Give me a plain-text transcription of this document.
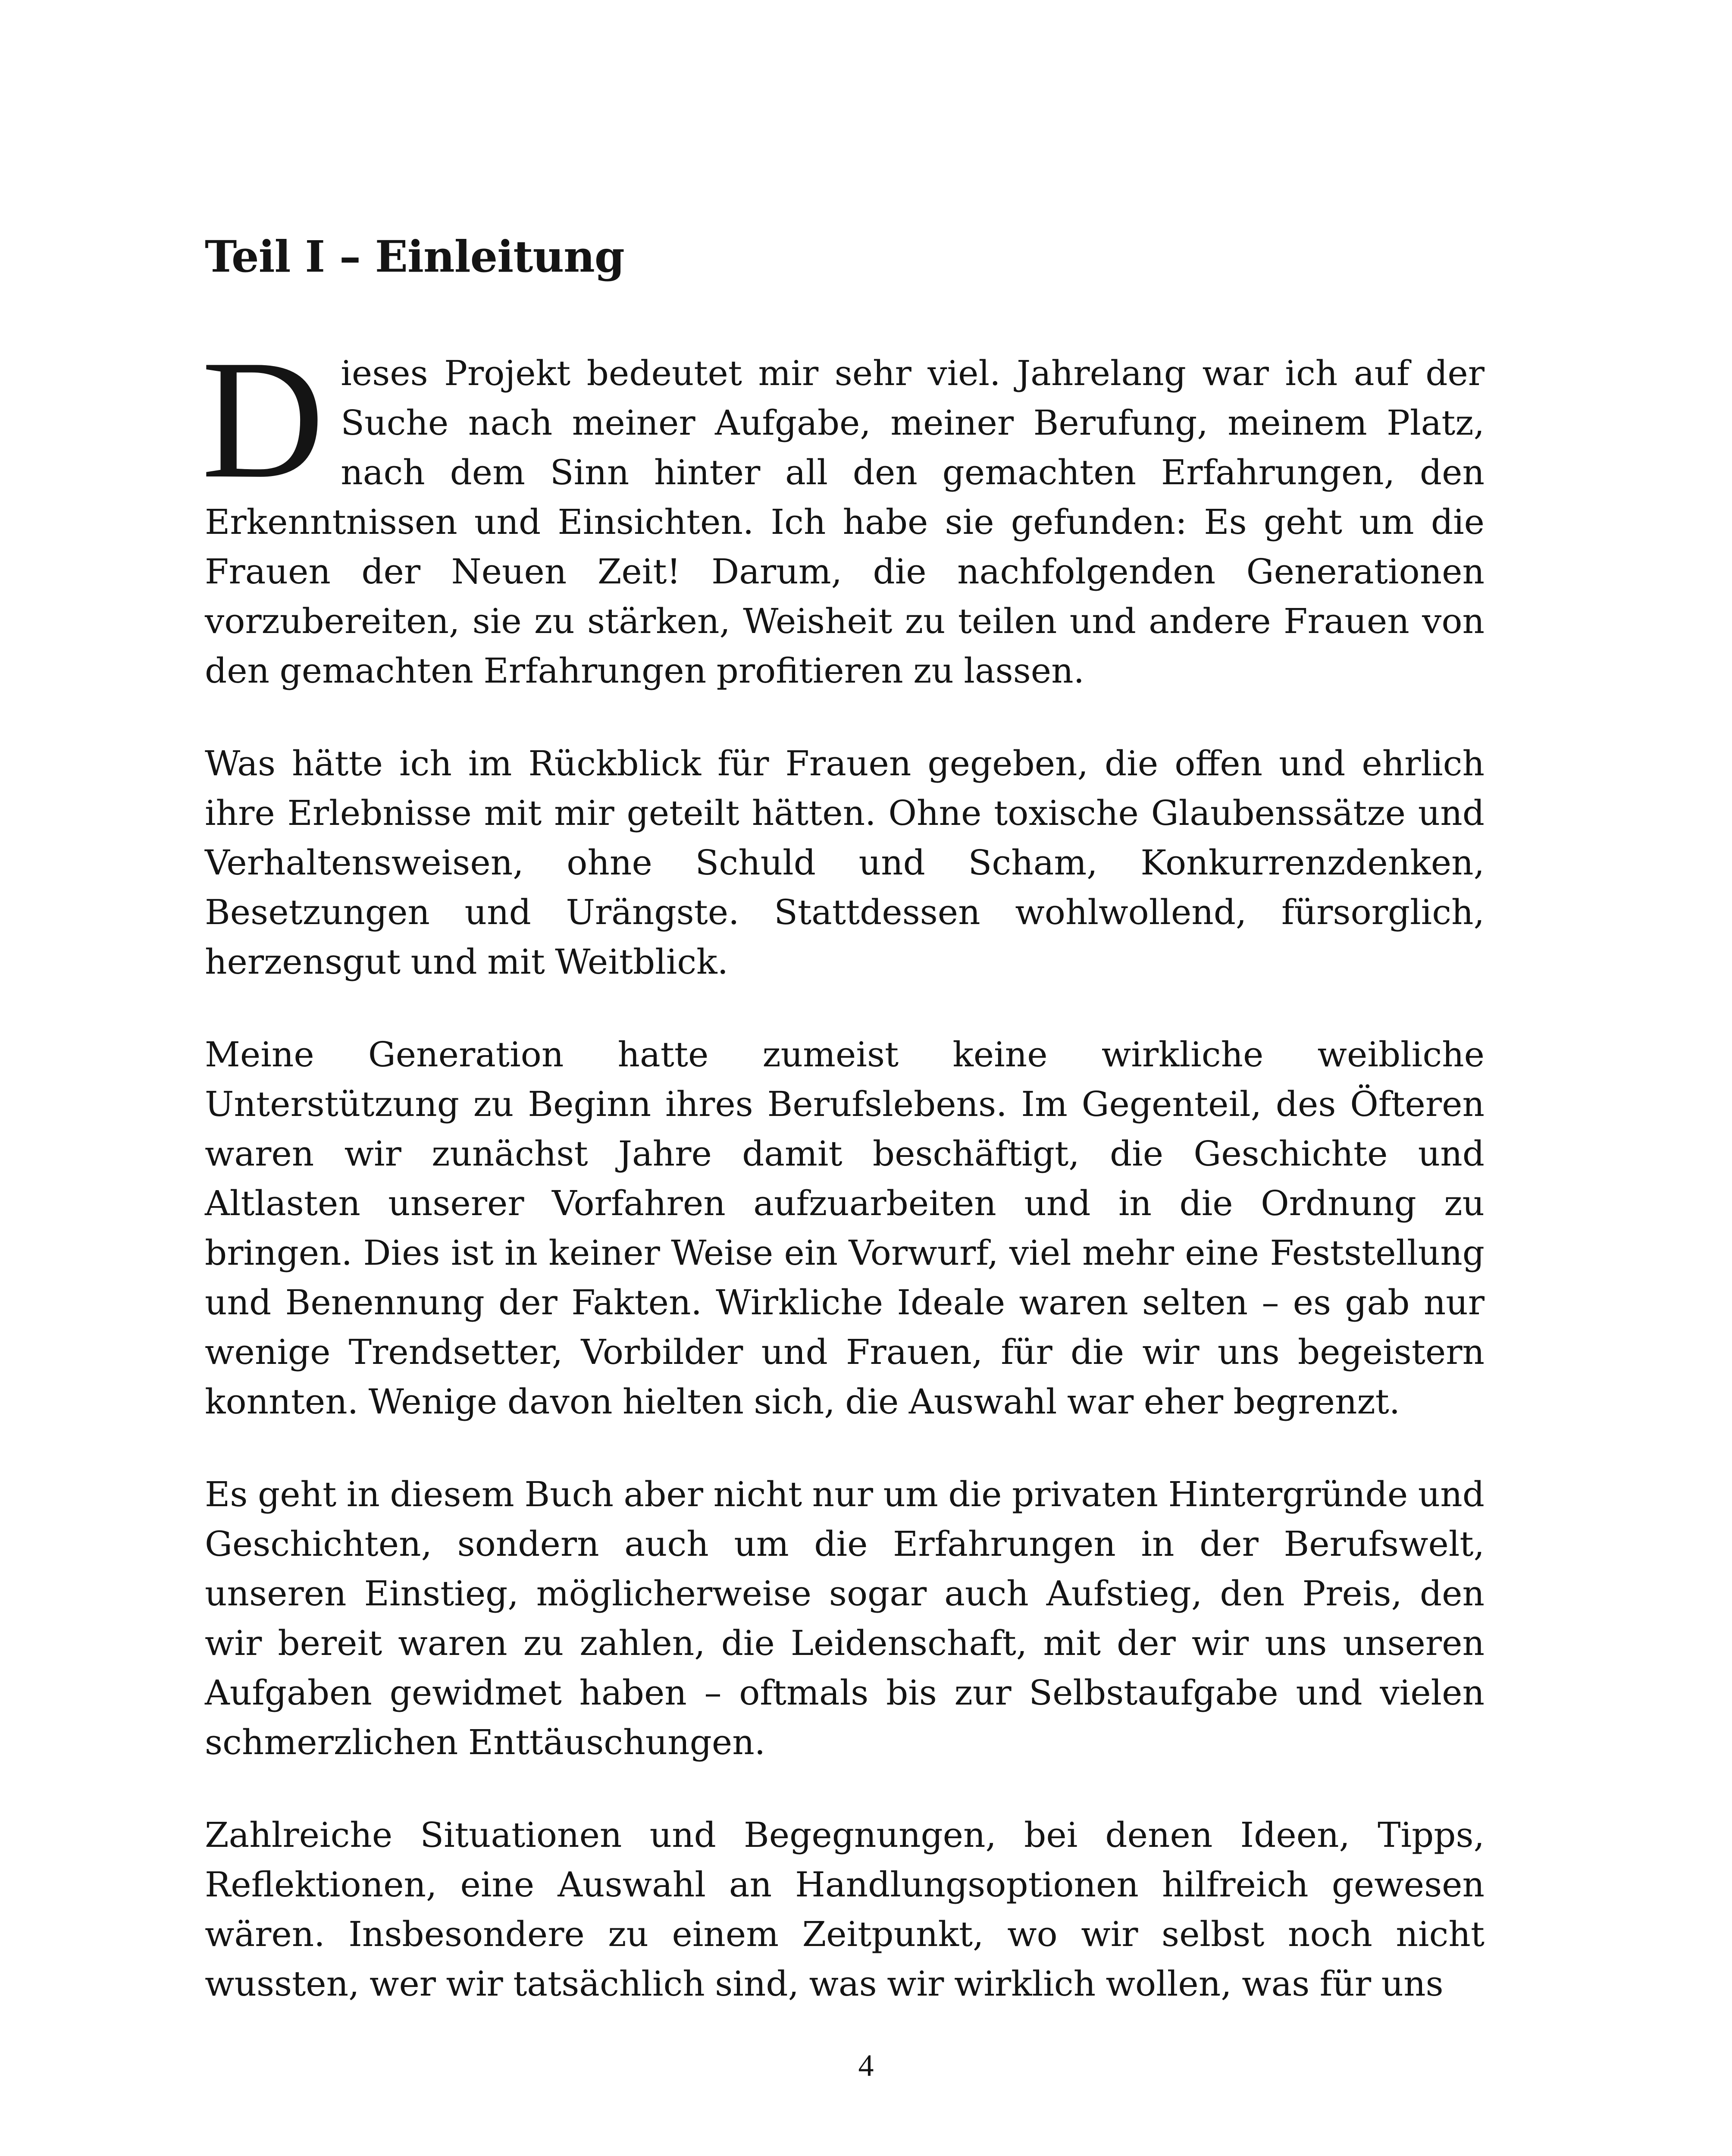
Teil I – Einleitung

Dieses Projekt bedeutet mir sehr viel. Jahrelang war ich auf der Suche nach meiner Aufgabe, meiner Berufung, meinem Platz, nach dem Sinn hinter all den gemachten Erfahrungen, den Erkenntnissen und Einsichten. Ich habe sie gefunden: Es geht um die Frauen der Neuen Zeit! Darum, die nachfolgenden Generationen vorzubereiten, sie zu stärken, Weisheit zu teilen und andere Frauen von den gemachten Erfahrungen profitieren zu lassen.

Was hätte ich im Rückblick für Frauen gegeben, die offen und ehrlich ihre Erlebnisse mit mir geteilt hätten. Ohne toxische Glaubenssätze und Verhaltensweisen, ohne Schuld und Scham, Konkurrenzdenken, Besetzungen und Urängste. Stattdessen wohlwollend, fürsorglich, herzensgut und mit Weitblick.

Meine Generation hatte zumeist keine wirkliche weibliche Unterstützung zu Beginn ihres Berufslebens. Im Gegenteil, des Öfteren waren wir zunächst Jahre damit beschäftigt, die Geschichte und Altlasten unserer Vorfahren aufzuarbeiten und in die Ordnung zu bringen. Dies ist in keiner Weise ein Vorwurf, viel mehr eine Feststellung und Benennung der Fakten. Wirkliche Ideale waren selten – es gab nur wenige Trendsetter, Vorbilder und Frauen, für die wir uns begeistern konnten. Wenige davon hielten sich, die Auswahl war eher begrenzt.

Es geht in diesem Buch aber nicht nur um die privaten Hintergründe und Geschichten, sondern auch um die Erfahrungen in der Berufswelt, unseren Einstieg, möglicherweise sogar auch Aufstieg, den Preis, den wir bereit waren zu zahlen, die Leidenschaft, mit der wir uns unseren Aufgaben gewidmet haben – oftmals bis zur Selbstaufgabe und vielen schmerzlichen Enttäuschungen.

Zahlreiche Situationen und Begegnungen, bei denen Ideen, Tipps, Reflektionen, eine Auswahl an Handlungsoptionen hilfreich gewesen wären. Insbesondere zu einem Zeitpunkt, wo wir selbst noch nicht wussten, wer wir tatsächlich sind, was wir wirklich wollen, was für uns

4
